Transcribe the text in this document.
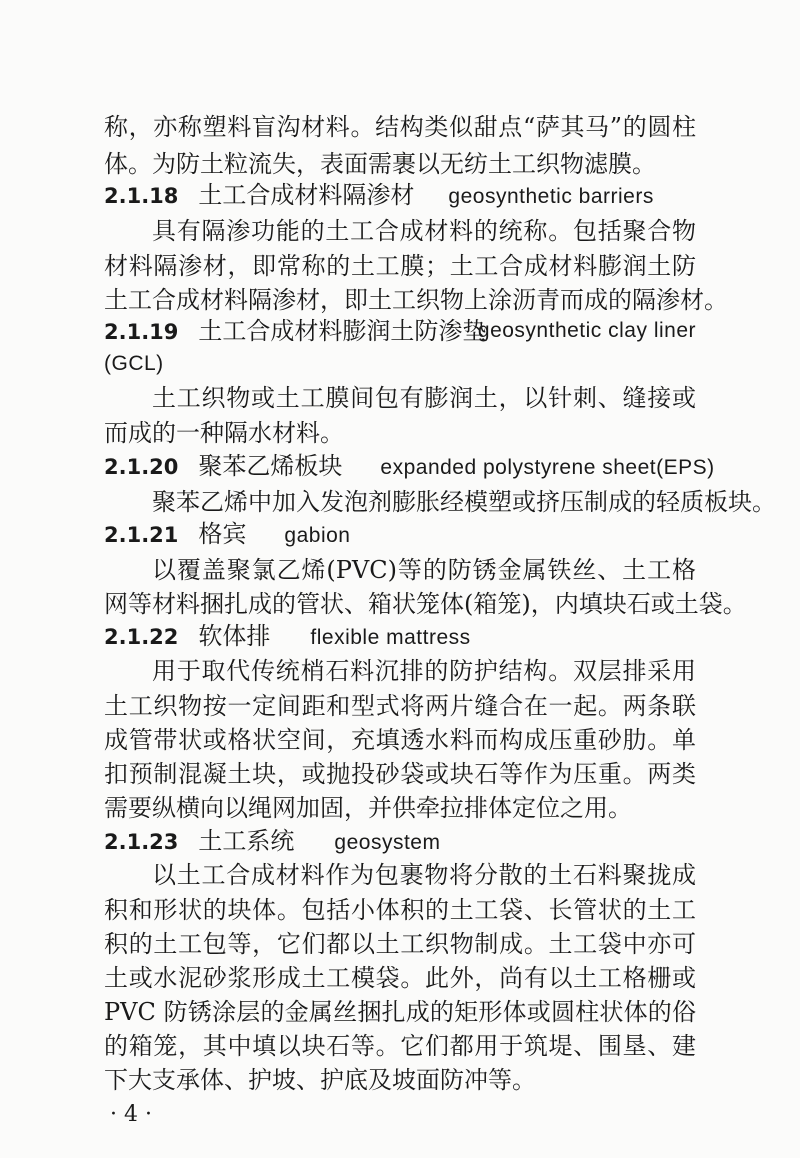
称，亦称塑料盲沟材料。结构类似甜点“萨其马”的圆柱
体。为防土粒流失，表面需裹以无纺土工织物滤膜。
2.1.18 土工合成材料隔渗材 geosynthetic barriers
具有隔渗功能的土工合成材料的统称。包括聚合物
材料隔渗材，即常称的土工膜；土工合成材料膨润土防
土工合成材料隔渗材，即土工织物上涂沥青而成的隔渗材。
2.1.19 土工合成材料膨润土防渗垫
geosynthetic clay liner
(GCL)
土工织物或土工膜间包有膨润土，以针刺、缝接或
而成的一种隔水材料。
2.1.20 聚苯乙烯板块 expanded polystyrene sheet(EPS)
聚苯乙烯中加入发泡剂膨胀经模塑或挤压制成的轻质板块。
2.1.21 格宾 gabion
以覆盖聚氯乙烯(PVC)等的防锈金属铁丝、土工格
网等材料捆扎成的管状、箱状笼体(箱笼)，内填块石或土袋。
2.1.22 软体排 flexible mattress
用于取代传统梢石料沉排的防护结构。双层排采用
土工织物按一定间距和型式将两片缝合在一起。两条联
成管带状或格状空间，充填透水料而构成压重砂肋。单
扣预制混凝土块，或抛投砂袋或块石等作为压重。两类
需要纵横向以绳网加固，并供牵拉排体定位之用。
2.1.23 土工系统 geosystem
以土工合成材料作为包裹物将分散的土石料聚拢成
积和形状的块体。包括小体积的土工袋、长管状的土工
积的土工包等，它们都以土工织物制成。土工袋中亦可
土或水泥砂浆形成土工模袋。此外，尚有以土工格栅或
PVC 防锈涂层的金属丝捆扎成的矩形体或圆柱状体的俗
的箱笼，其中填以块石等。它们都用于筑堤、围垦、建
下大支承体、护坡、护底及坡面防冲等。
· 4 ·
